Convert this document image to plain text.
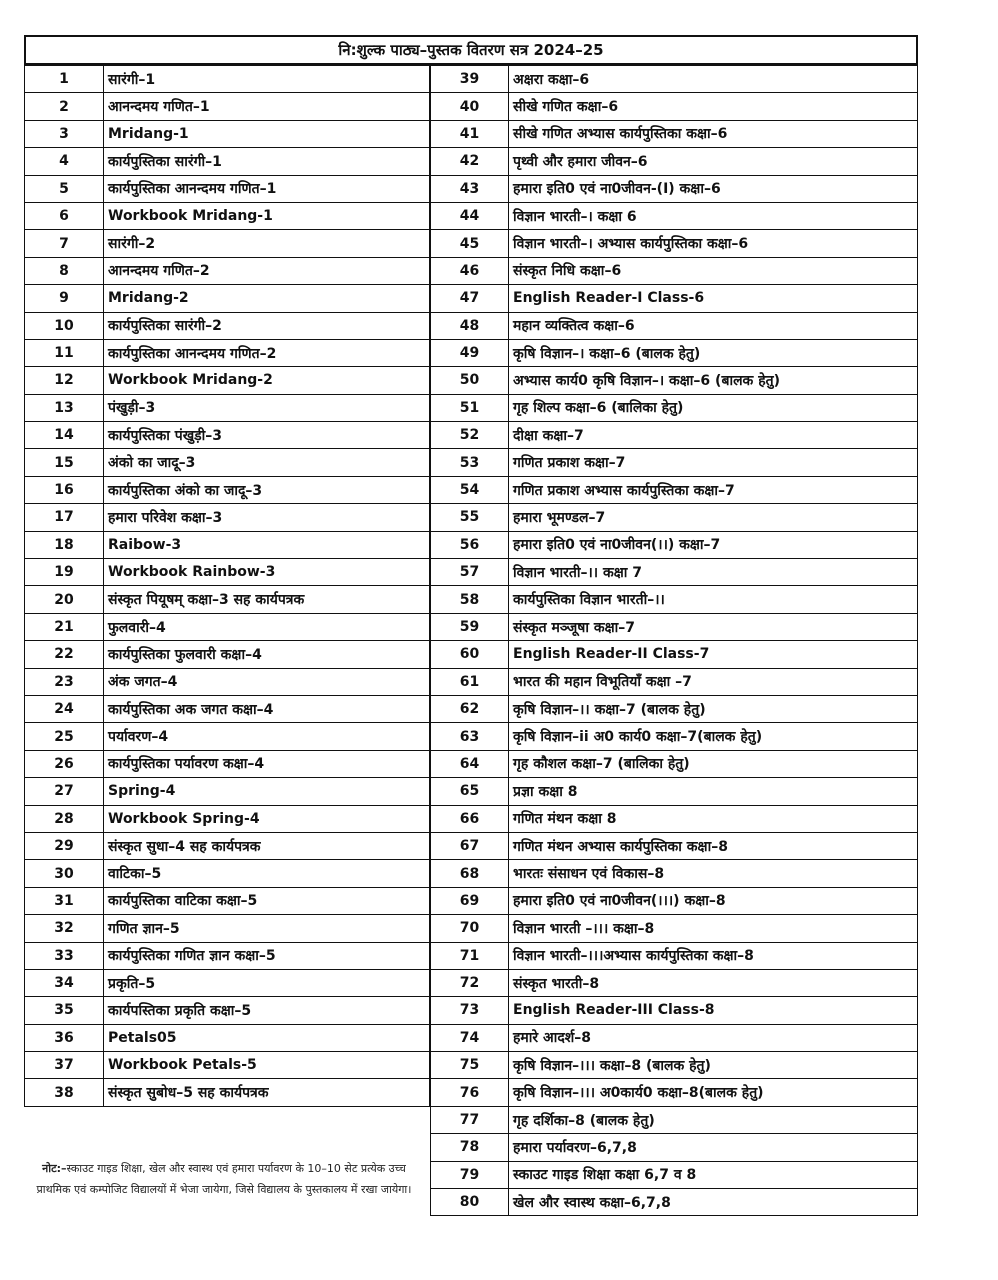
नि:शुल्क पाठ्य–पुस्तक वितरण सत्र 2024–25
1	सारंगी–1
2	आनन्दमय गणित–1
3	Mridang-1
4	कार्यपुस्तिका सारंगी–1
5	कार्यपुस्तिका आनन्दमय गणित–1
6	Workbook Mridang-1
7	सारंगी–2
8	आनन्दमय गणित–2
9	Mridang-2
10	कार्यपुस्तिका सारंगी–2
11	कार्यपुस्तिका आनन्दमय गणित–2
12	Workbook Mridang-2
13	पंखुड़ी–3
14	कार्यपुस्तिका पंखुड़ी–3
15	अंको का जादू–3
16	कार्यपुस्तिका अंको का जादू–3
17	हमारा परिवेश कक्षा–3
18	Raibow-3
19	Workbook Rainbow-3
20	संस्कृत पियूषम् कक्षा–3 सह कार्यपत्रक
21	फुलवारी–4
22	कार्यपुस्तिका फुलवारी कक्षा–4
23	अंक जगत–4
24	कार्यपुस्तिका अक जगत कक्षा–4
25	पर्यावरण–4
26	कार्यपुस्तिका पर्यावरण कक्षा–4
27	Spring-4
28	Workbook Spring-4
29	संस्कृत सुधा–4 सह कार्यपत्रक
30	वाटिका–5
31	कार्यपुस्तिका वाटिका कक्षा–5
32	गणित ज्ञान–5
33	कार्यपुस्तिका गणित ज्ञान कक्षा–5
34	प्रकृति–5
35	कार्यपस्तिका प्रकृति कक्षा–5
36	Petals05
37	Workbook Petals-5
38	संस्कृत सुबोध–5 सह कार्यपत्रक
39	अक्षरा कक्षा–6
40	सीखे गणित कक्षा–6
41	सीखे गणित अभ्यास कार्यपुस्तिका कक्षा–6
42	पृथ्वी और हमारा जीवन–6
43	हमारा इति0 एवं ना0जीवन-(I) कक्षा–6
44	विज्ञान भारती–। कक्षा 6
45	विज्ञान भारती–। अभ्यास कार्यपुस्तिका कक्षा–6
46	संस्कृत निधि कक्षा–6
47	English Reader-I Class-6
48	महान व्यक्तित्व कक्षा–6
49	कृषि विज्ञान–। कक्षा–6 (बालक हेतु)
50	अभ्यास कार्य0 कृषि विज्ञान–। कक्षा–6 (बालक हेतु)
51	गृह शिल्प कक्षा–6 (बालिका हेतु)
52	दीक्षा कक्षा–7
53	गणित प्रकाश कक्षा–7
54	गणित प्रकाश अभ्यास कार्यपुस्तिका कक्षा–7
55	हमारा भूमण्डल–7
56	हमारा इति0 एवं ना0जीवन(।।) कक्षा–7
57	विज्ञान भारती–।। कक्षा 7
58	कार्यपुस्तिका विज्ञान भारती–।।
59	संस्कृत मञ्जूषा कक्षा–7
60	English Reader-II Class-7
61	भारत की महान विभूतियाँ कक्षा –7
62	कृषि विज्ञान–।। कक्षा–7 (बालक हेतु)
63	कृषि विज्ञान–ii अ0 कार्य0 कक्षा–7(बालक हेतु)
64	गृह कौशल कक्षा–7 (बालिका हेतु)
65	प्रज्ञा कक्षा 8
66	गणित मंथन कक्षा 8
67	गणित मंथन अभ्यास कार्यपुस्तिका कक्षा–8
68	भारतः संसाधन एवं विकास–8
69	हमारा इति0 एवं ना0जीवन(।।।) कक्षा–8
70	विज्ञान भारती –।।। कक्षा–8
71	विज्ञान भारती–।।।अभ्यास कार्यपुस्तिका कक्षा–8
72	संस्कृत भारती–8
73	English Reader-III Class-8
74	हमारे आदर्श–8
75	कृषि विज्ञान–।।। कक्षा–8 (बालक हेतु)
76	कृषि विज्ञान–।।। अ0कार्य0 कक्षा–8(बालक हेतु)
77	गृह दर्शिका–8 (बालक हेतु)
78	हमारा पर्यावरण–6,7,8
79	स्काउट गाइड शिक्षा कक्षा 6,7 व 8
80	खेल और स्वास्थ कक्षा–6,7,8
नोट:–स्काउट गाइड शिक्षा, खेल और स्वास्थ एवं हमारा पर्यावरण के 10–10 सेट प्रत्येक उच्च प्राथमिक एवं कम्पोजिट विद्यालयों में भेजा जायेगा, जिसे विद्यालय के पुस्तकालय में रखा जायेगा।
